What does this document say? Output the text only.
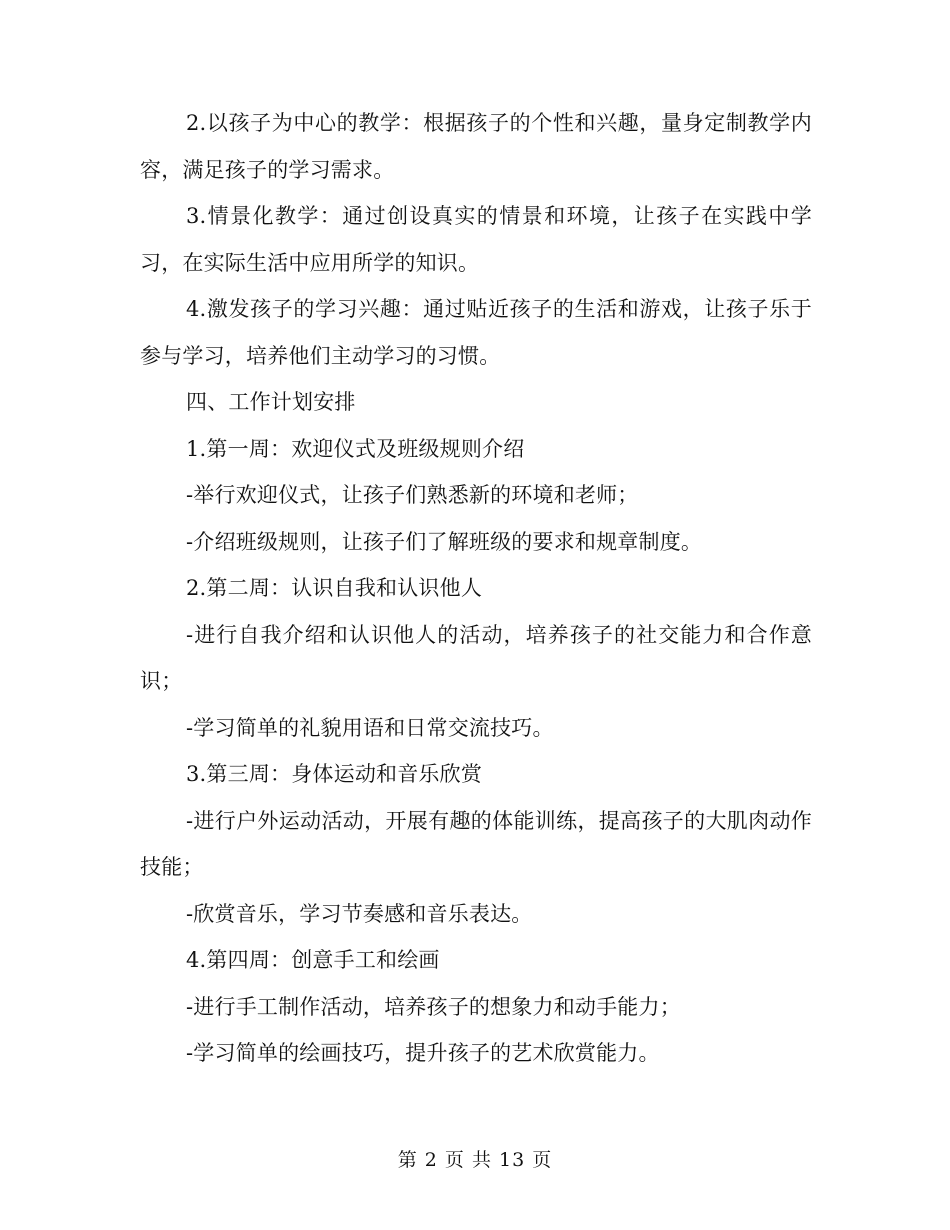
2.以孩子为中心的教学：根据孩子的个性和兴趣，量身定制教学内容，满足孩子的学习需求。

3.情景化教学：通过创设真实的情景和环境，让孩子在实践中学习，在实际生活中应用所学的知识。

4.激发孩子的学习兴趣：通过贴近孩子的生活和游戏，让孩子乐于参与学习，培养他们主动学习的习惯。

四、工作计划安排

1.第一周：欢迎仪式及班级规则介绍

-举行欢迎仪式，让孩子们熟悉新的环境和老师；

-介绍班级规则，让孩子们了解班级的要求和规章制度。

2.第二周：认识自我和认识他人

-进行自我介绍和认识他人的活动，培养孩子的社交能力和合作意识；

-学习简单的礼貌用语和日常交流技巧。

3.第三周：身体运动和音乐欣赏

-进行户外运动活动，开展有趣的体能训练，提高孩子的大肌肉动作技能；

-欣赏音乐，学习节奏感和音乐表达。

4.第四周：创意手工和绘画

-进行手工制作活动，培养孩子的想象力和动手能力；

-学习简单的绘画技巧，提升孩子的艺术欣赏能力。

第 2 页 共 13 页
